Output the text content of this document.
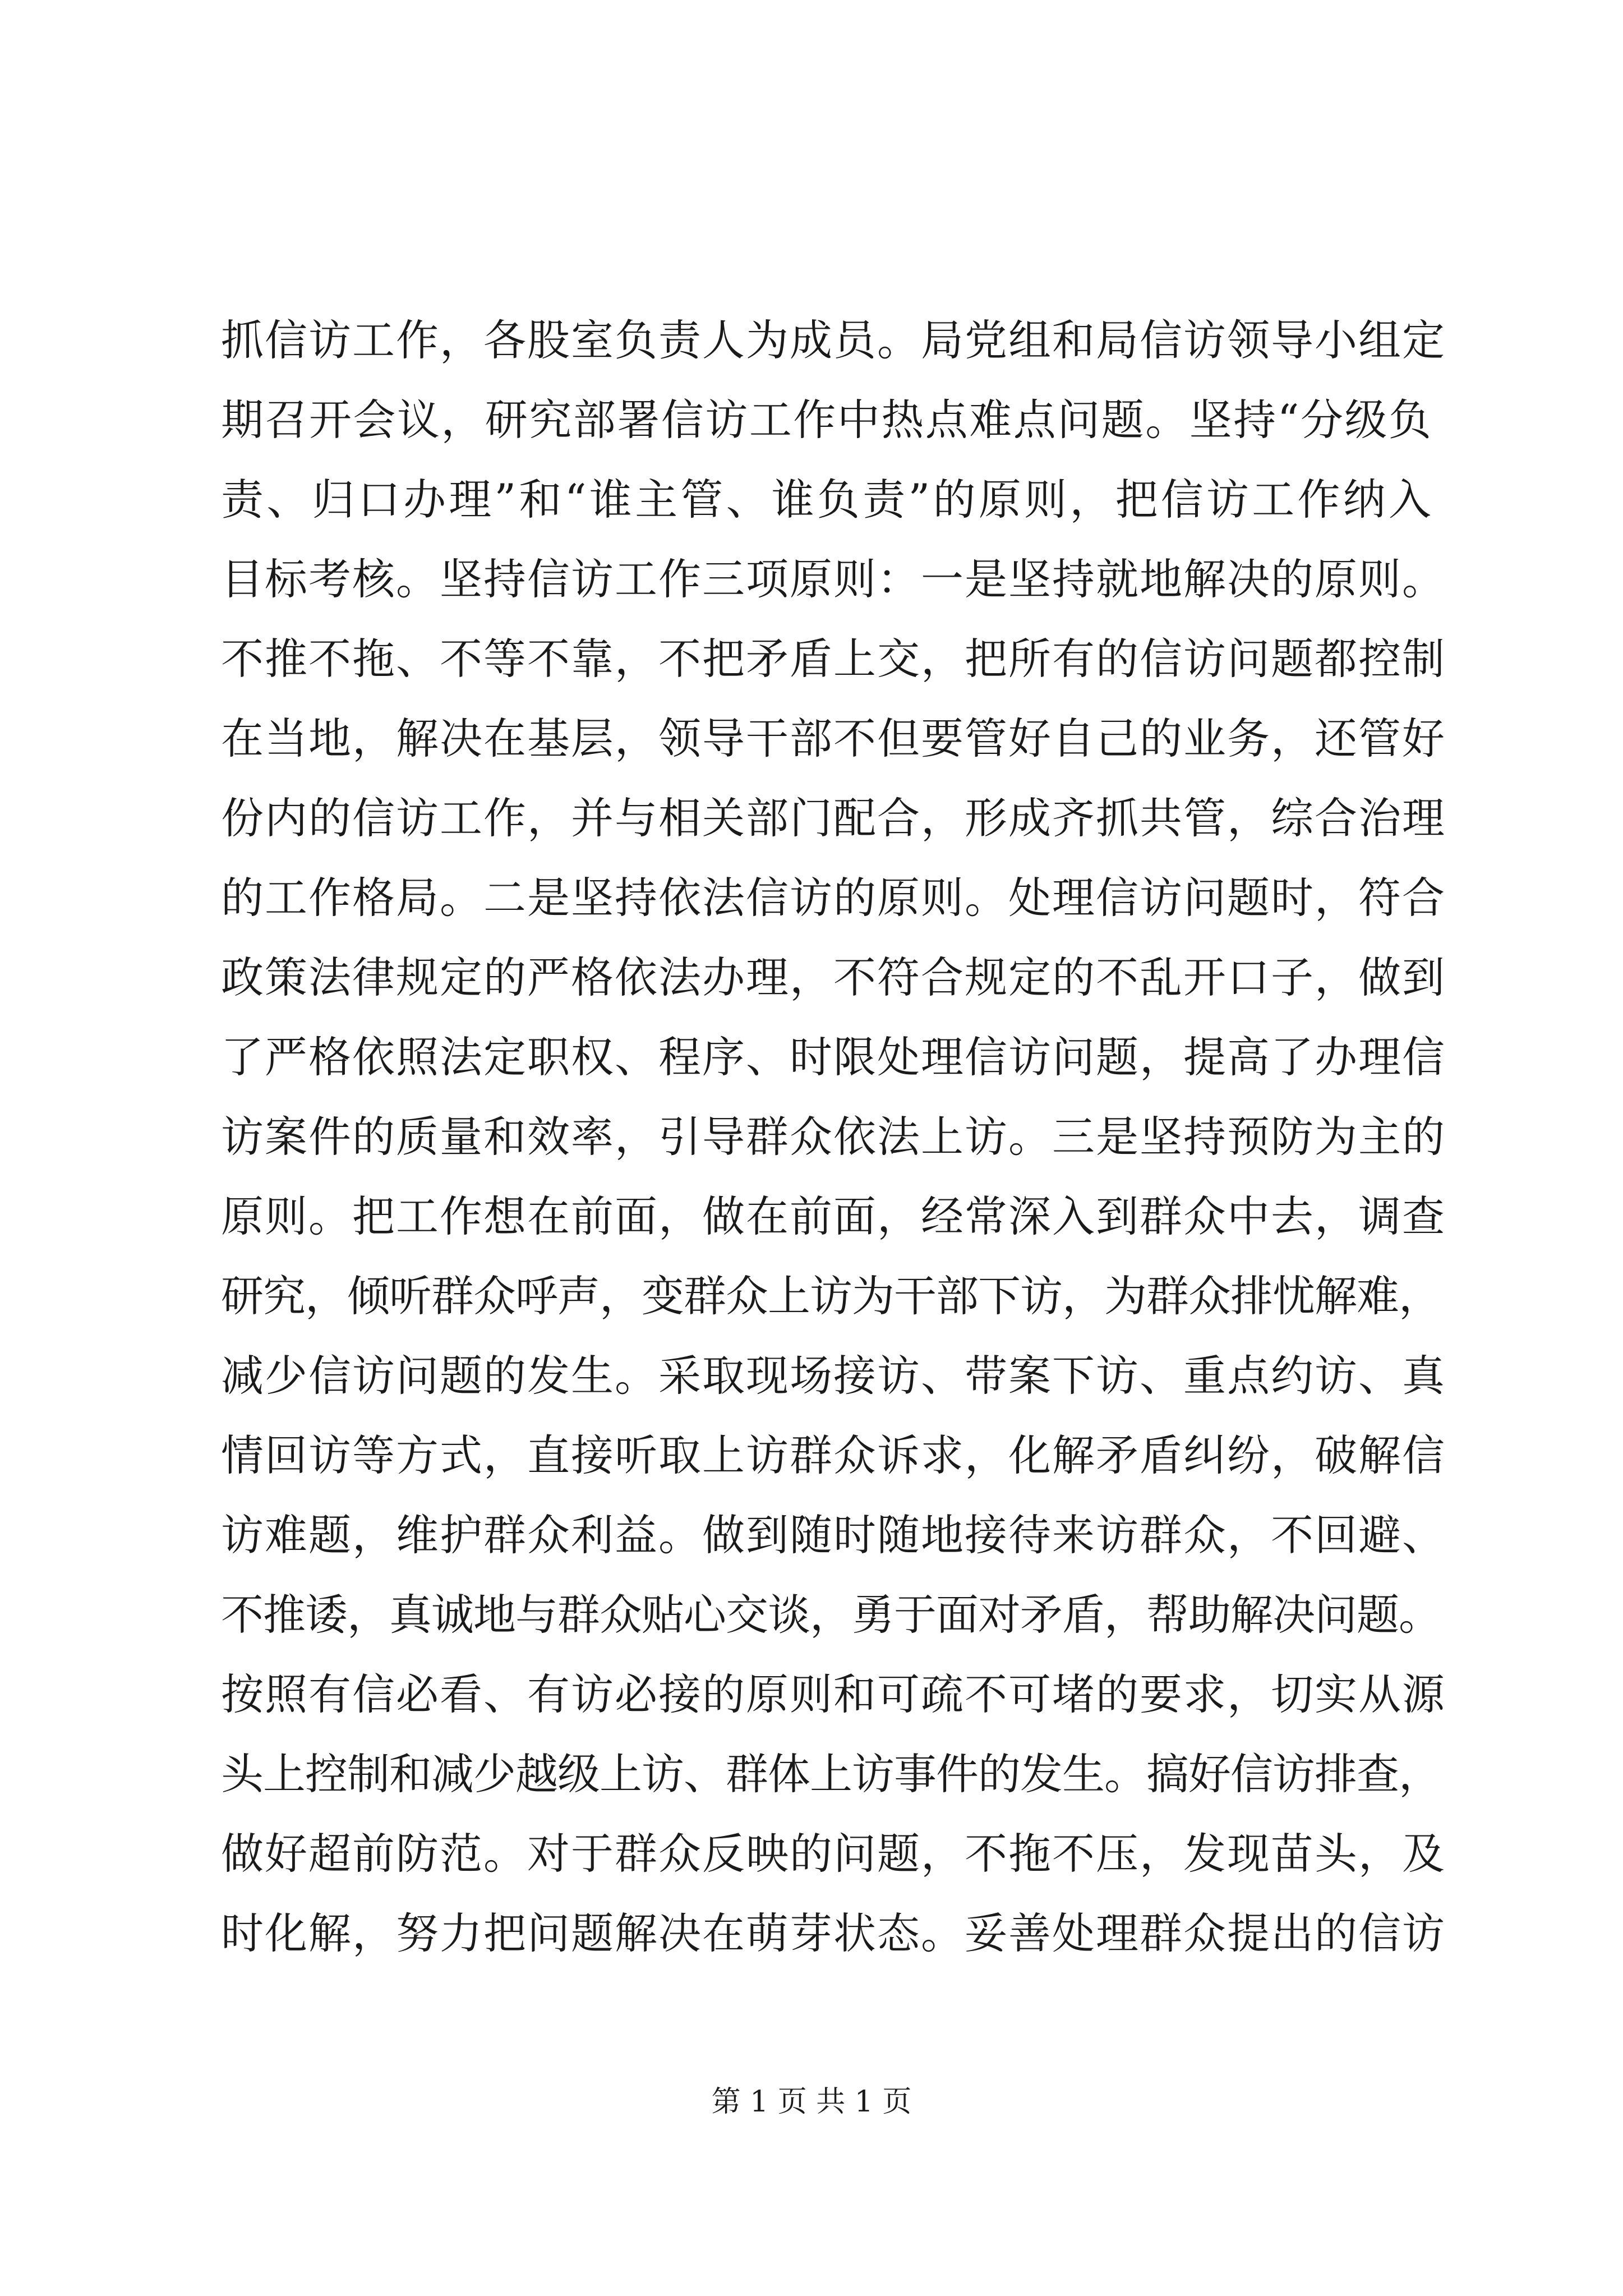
抓信访工作，各股室负责人为成员。局党组和局信访领导小组定
期召开会议，研究部署信访工作中热点难点问题。坚持“分级负
责、归口办理”和“谁主管、谁负责”的原则，把信访工作纳入
目标考核。坚持信访工作三项原则：一是坚持就地解决的原则。
不推不拖、不等不靠，不把矛盾上交，把所有的信访问题都控制
在当地，解决在基层，领导干部不但要管好自己的业务，还管好
份内的信访工作，并与相关部门配合，形成齐抓共管，综合治理
的工作格局。二是坚持依法信访的原则。处理信访问题时，符合
政策法律规定的严格依法办理，不符合规定的不乱开口子，做到
了严格依照法定职权、程序、时限处理信访问题，提高了办理信
访案件的质量和效率，引导群众依法上访。三是坚持预防为主的
原则。把工作想在前面，做在前面，经常深入到群众中去，调查
研究，倾听群众呼声，变群众上访为干部下访，为群众排忧解难，
减少信访问题的发生。采取现场接访、带案下访、重点约访、真
情回访等方式，直接听取上访群众诉求，化解矛盾纠纷，破解信
访难题，维护群众利益。做到随时随地接待来访群众，不回避、
不推诿，真诚地与群众贴心交谈，勇于面对矛盾，帮助解决问题。
按照有信必看、有访必接的原则和可疏不可堵的要求，切实从源
头上控制和减少越级上访、群体上访事件的发生。搞好信访排查，
做好超前防范。对于群众反映的问题，不拖不压，发现苗头，及
时化解，努力把问题解决在萌芽状态。妥善处理群众提出的信访
第 1 页 共 1 页
